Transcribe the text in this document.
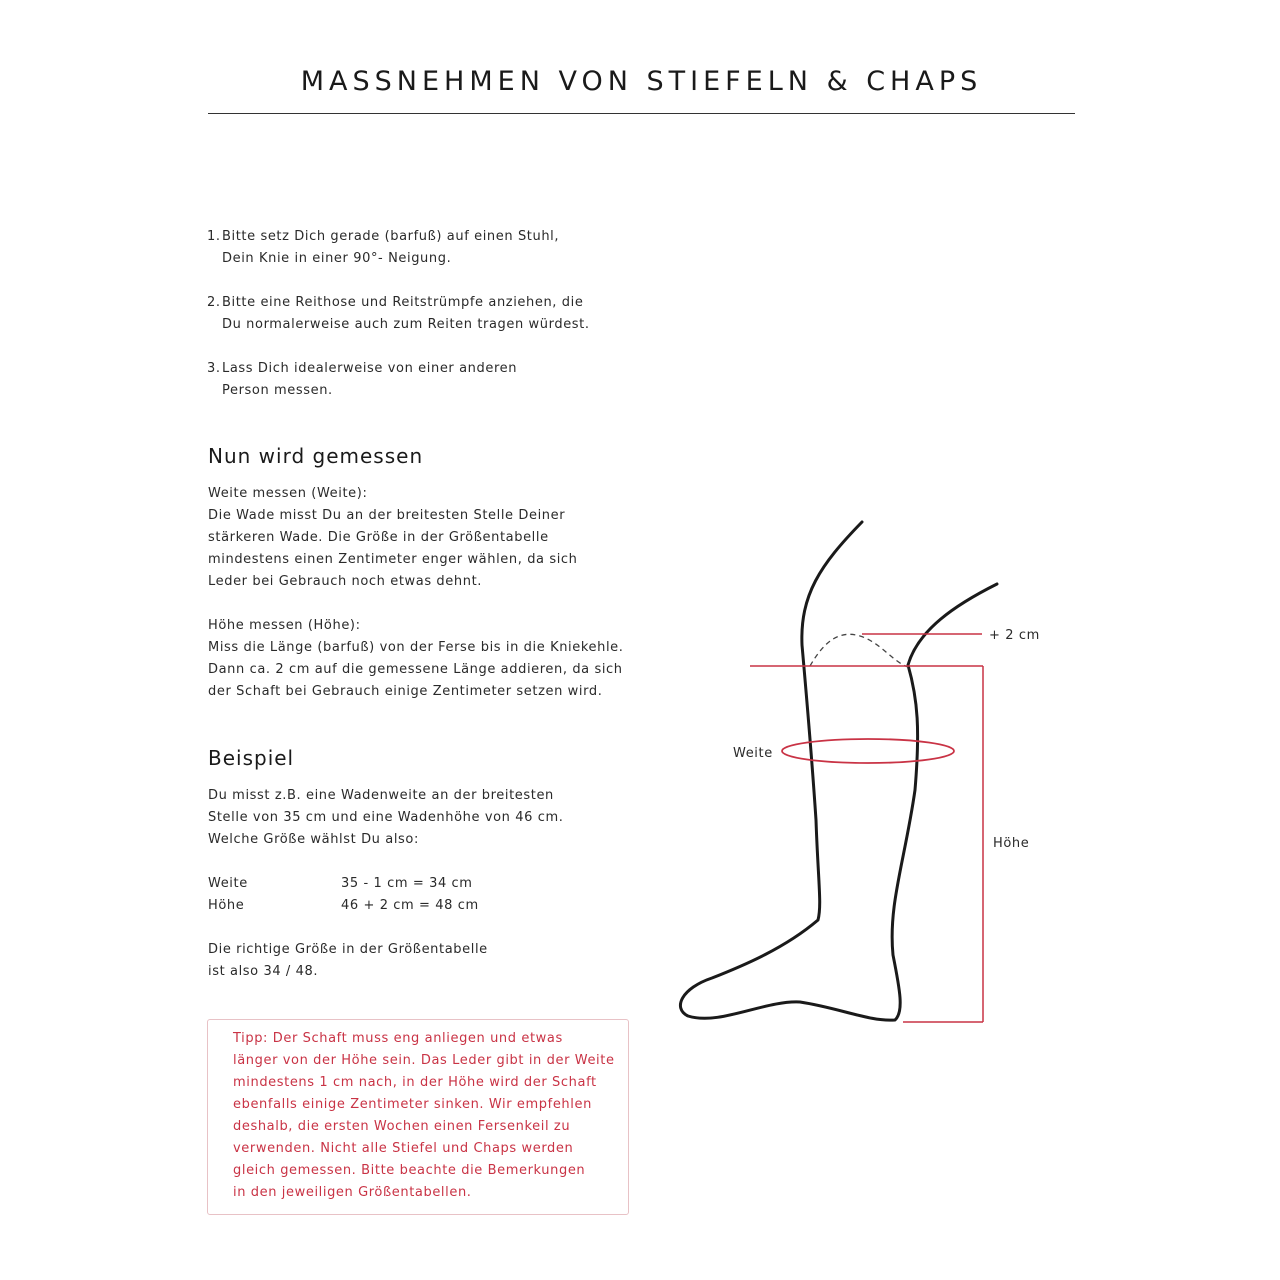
MASSNEHMEN VON STIEFELN & CHAPS

1. Bitte setz Dich gerade (barfuß) auf einen Stuhl,
Dein Knie in einer 90°- Neigung.

2. Bitte eine Reithose und Reitstrümpfe anziehen, die
Du normalerweise auch zum Reiten tragen würdest.

3. Lass Dich idealerweise von einer anderen
Person messen.

Nun wird gemessen

Weite messen (Weite):
Die Wade misst Du an der breitesten Stelle Deiner
stärkeren Wade. Die Größe in der Größentabelle
mindestens einen Zentimeter enger wählen, da sich
Leder bei Gebrauch noch etwas dehnt.

Höhe messen (Höhe):
Miss die Länge (barfuß) von der Ferse bis in die Kniekehle.
Dann ca. 2 cm auf die gemessene Länge addieren, da sich
der Schaft bei Gebrauch einige Zentimeter setzen wird.

Beispiel

Du misst z.B. eine Wadenweite an der breitesten
Stelle von 35 cm und eine Wadenhöhe von 46 cm.
Welche Größe wählst Du also:

Weite	35 - 1 cm = 34 cm
Höhe	46 + 2 cm = 48 cm

Die richtige Größe in der Größentabelle
ist also 34 / 48.

Tipp: Der Schaft muss eng anliegen und etwas
länger von der Höhe sein. Das Leder gibt in der Weite
mindestens 1 cm nach, in der Höhe wird der Schaft
ebenfalls einige Zentimeter sinken. Wir empfehlen
deshalb, die ersten Wochen einen Fersenkeil zu
verwenden. Nicht alle Stiefel und Chaps werden
gleich gemessen. Bitte beachte die Bemerkungen
in den jeweiligen Größentabellen.

+ 2 cm
Weite
Höhe
